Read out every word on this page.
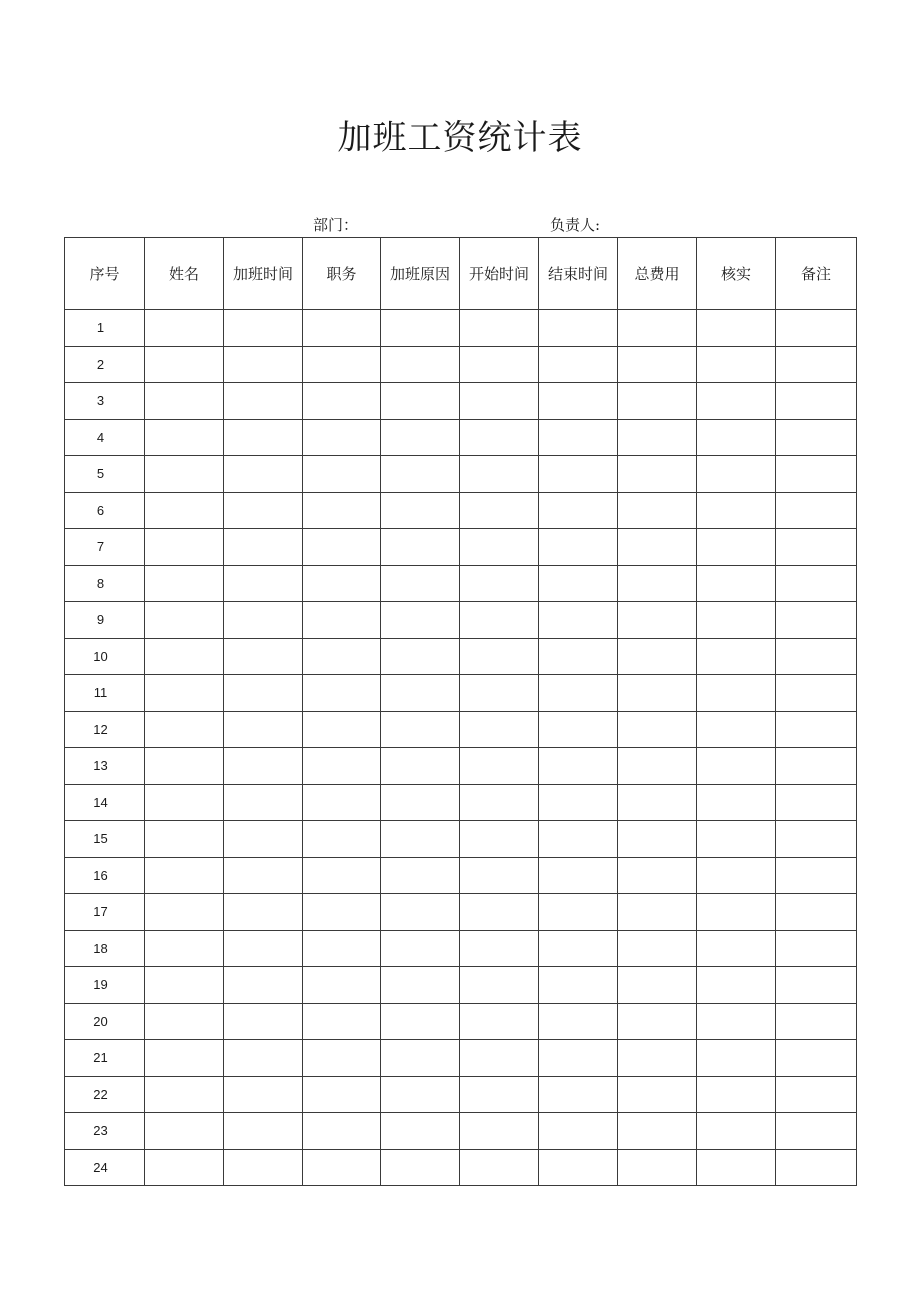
加班工资统计表
部门：	负责人:
序号	姓名	加班时间	职务	加班原因	开始时间	结束时间	总费用	核实	备注
1									
2									
3									
4									
5									
6									
7									
8									
9									
10									
11									
12									
13									
14									
15									
16									
17									
18									
19									
20									
21									
22									
23									
24									
